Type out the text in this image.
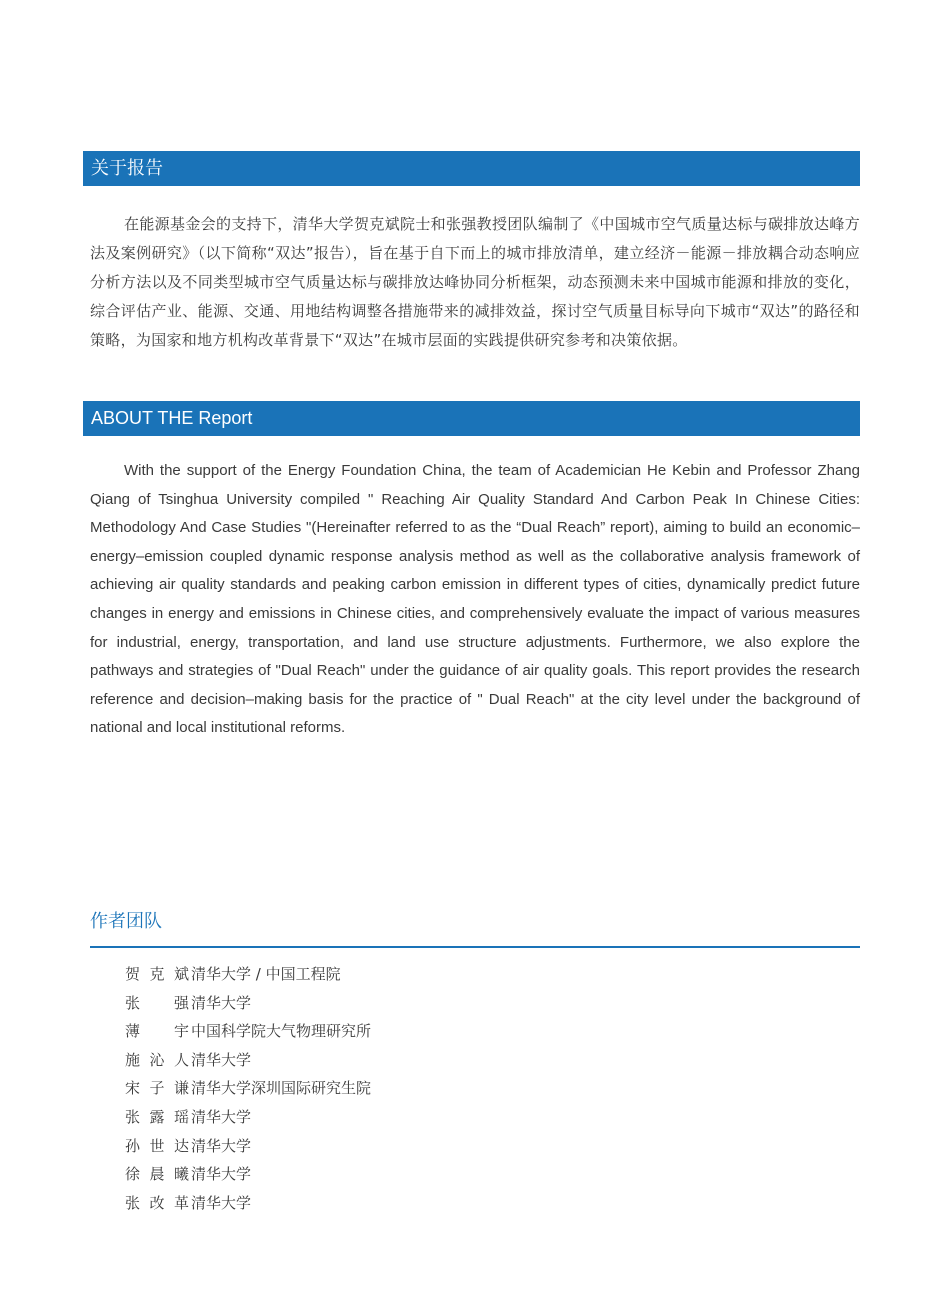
关于报告

在能源基金会的支持下，清华大学贺克斌院士和张强教授团队编制了《中国城市空气质量达标与碳排放达峰方法及案例研究》（以下简称“双达”报告），旨在基于自下而上的城市排放清单，建立经济－能源－排放耦合动态响应分析方法以及不同类型城市空气质量达标与碳排放达峰协同分析框架，动态预测未来中国城市能源和排放的变化，综合评估产业、能源、交通、用地结构调整各措施带来的减排效益，探讨空气质量目标导向下城市“双达”的路径和策略，为国家和地方机构改革背景下“双达”在城市层面的实践提供研究参考和决策依据。

ABOUT THE Report

With the support of the Energy Foundation China, the team of Academician He Kebin and Professor Zhang Qiang of Tsinghua University compiled " Reaching Air Quality Standard And Carbon Peak In Chinese Cities: Methodology And Case Studies "(Hereinafter referred to as the “Dual Reach” report), aiming to build an economic–energy–emission coupled dynamic response analysis method as well as the collaborative analysis framework of achieving air quality standards and peaking carbon emission in different types of cities, dynamically predict future changes in energy and emissions in Chinese cities, and comprehensively evaluate the impact of various measures for industrial, energy, transportation, and land use structure adjustments. Furthermore, we also explore the pathways and strategies of "Dual Reach" under the guidance of air quality goals. This report provides the research reference and decision–making basis for the practice of " Dual Reach" at the city level under the background of national and local institutional reforms.

作者团队
贺克斌 清华大学 / 中国工程院
张　强 清华大学
薄　宇 中国科学院大气物理研究所
施沁人 清华大学
宋子谦 清华大学深圳国际研究生院
张露瑶 清华大学
孙世达 清华大学
徐晨曦 清华大学
张改革 清华大学
